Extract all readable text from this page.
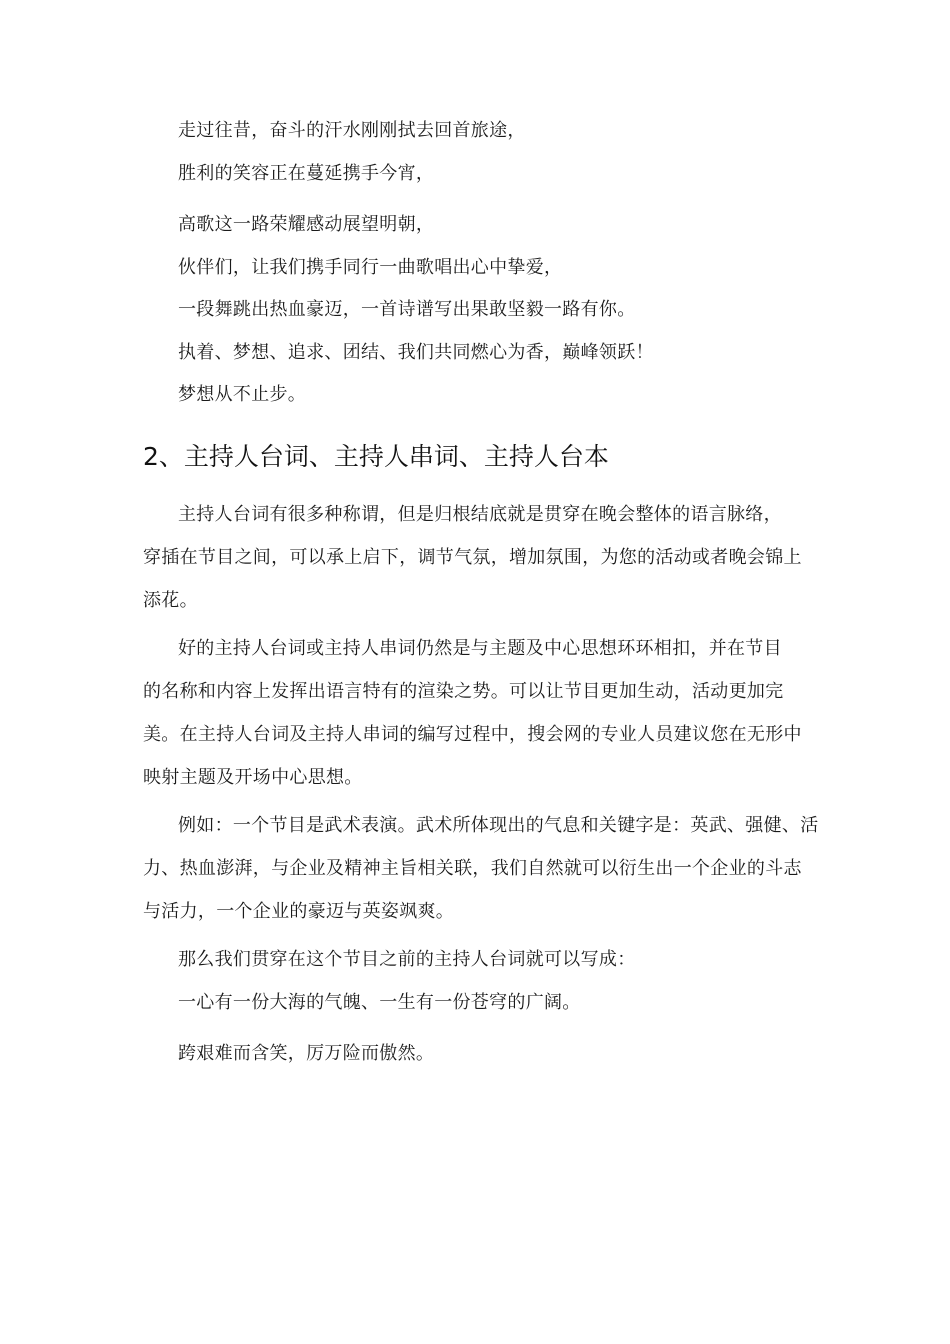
走过往昔，奋斗的汗水刚刚拭去回首旅途，

胜利的笑容正在蔓延携手今宵，

高歌这一路荣耀感动展望明朝，

伙伴们，让我们携手同行一曲歌唱出心中挚爱，

一段舞跳出热血豪迈，一首诗谱写出果敢坚毅一路有你。

执着、梦想、追求、团结、我们共同燃心为香，巅峰领跃！

梦想从不止步。

2、主持人台词、主持人串词、主持人台本

主持人台词有很多种称谓，但是归根结底就是贯穿在晚会整体的语言脉络，

穿插在节目之间，可以承上启下，调节气氛，增加氛围，为您的活动或者晚会锦上

添花。

好的主持人台词或主持人串词仍然是与主题及中心思想环环相扣，并在节目

的名称和内容上发挥出语言特有的渲染之势。可以让节目更加生动，活动更加完

美。在主持人台词及主持人串词的编写过程中，搜会网的专业人员建议您在无形中

映射主题及开场中心思想。

例如：一个节目是武术表演。武术所体现出的气息和关键字是：英武、强健、活

力、热血澎湃，与企业及精神主旨相关联，我们自然就可以衍生出一个企业的斗志

与活力，一个企业的豪迈与英姿飒爽。

那么我们贯穿在这个节目之前的主持人台词就可以写成：

一心有一份大海的气魄、一生有一份苍穹的广阔。

跨艰难而含笑，厉万险而傲然。
